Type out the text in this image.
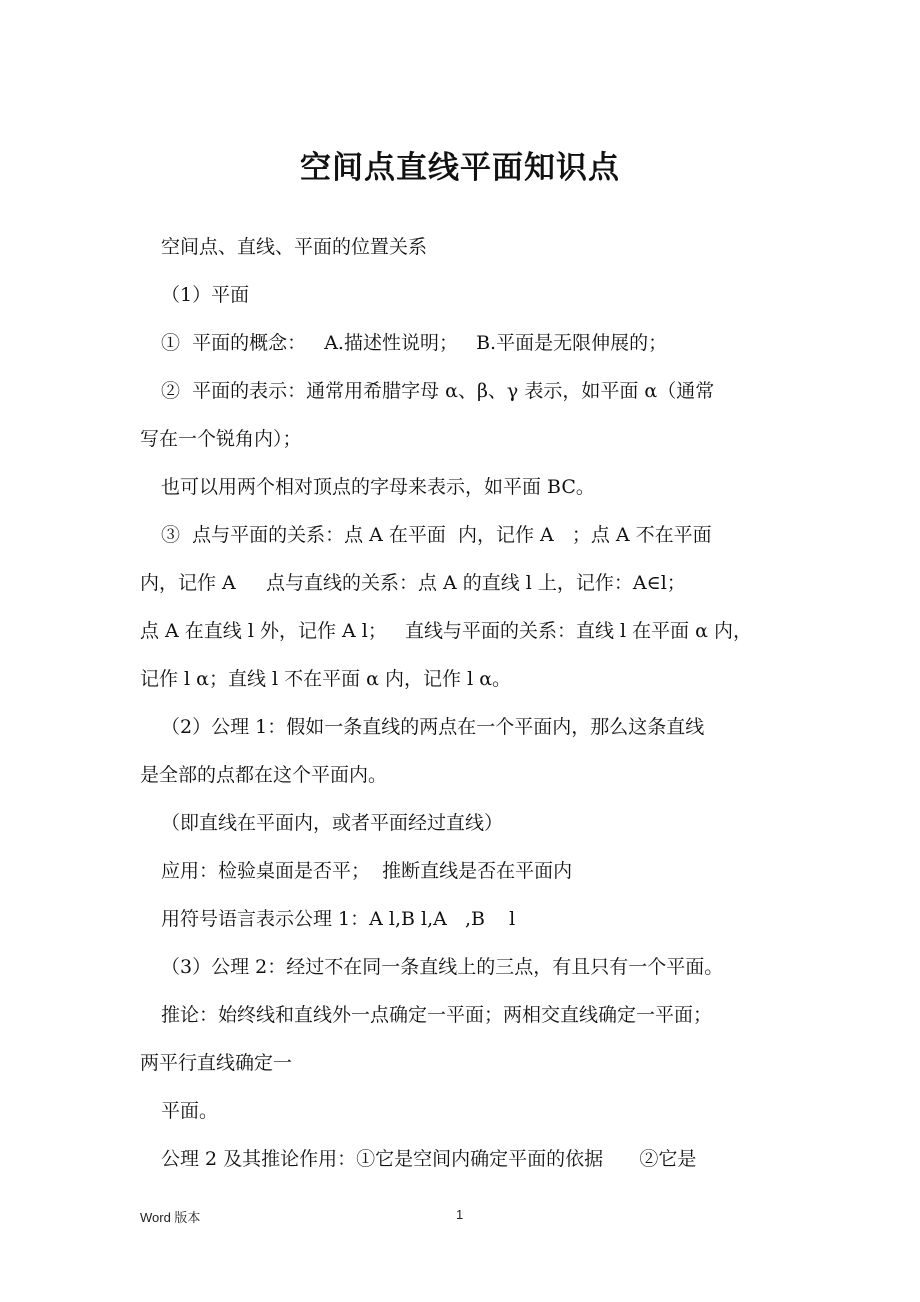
空间点直线平面知识点
空间点、直线、平面的位置关系
（1）平面
①  平面的概念：   A.描述性说明；   B.平面是无限伸展的；
②  平面的表示：通常用希腊字母 α、β、γ 表示，如平面 α（通常
写在一个锐角内）；
也可以用两个相对顶点的字母来表示，如平面 BC。
③  点与平面的关系：点 A 在平面  内，记作 A   ；点 A 不在平面
内，记作 A     点与直线的关系：点 A 的直线 l 上，记作：A∈l；
点 A 在直线 l 外，记作 A l；   直线与平面的关系：直线 l 在平面 α 内，
记作 l α；直线 l 不在平面 α 内，记作 l α。
（2）公理 1：假如一条直线的两点在一个平面内，那么这条直线
是全部的点都在这个平面内。
（即直线在平面内，或者平面经过直线）
应用：检验桌面是否平；  推断直线是否在平面内
用符号语言表示公理 1：A l,B l,A   ,B    l
（3）公理 2：经过不在同一条直线上的三点，有且只有一个平面。
推论：始终线和直线外一点确定一平面；两相交直线确定一平面；
两平行直线确定一
平面。
公理 2 及其推论作用：①它是空间内确定平面的依据      ②它是
Word 版本	1
